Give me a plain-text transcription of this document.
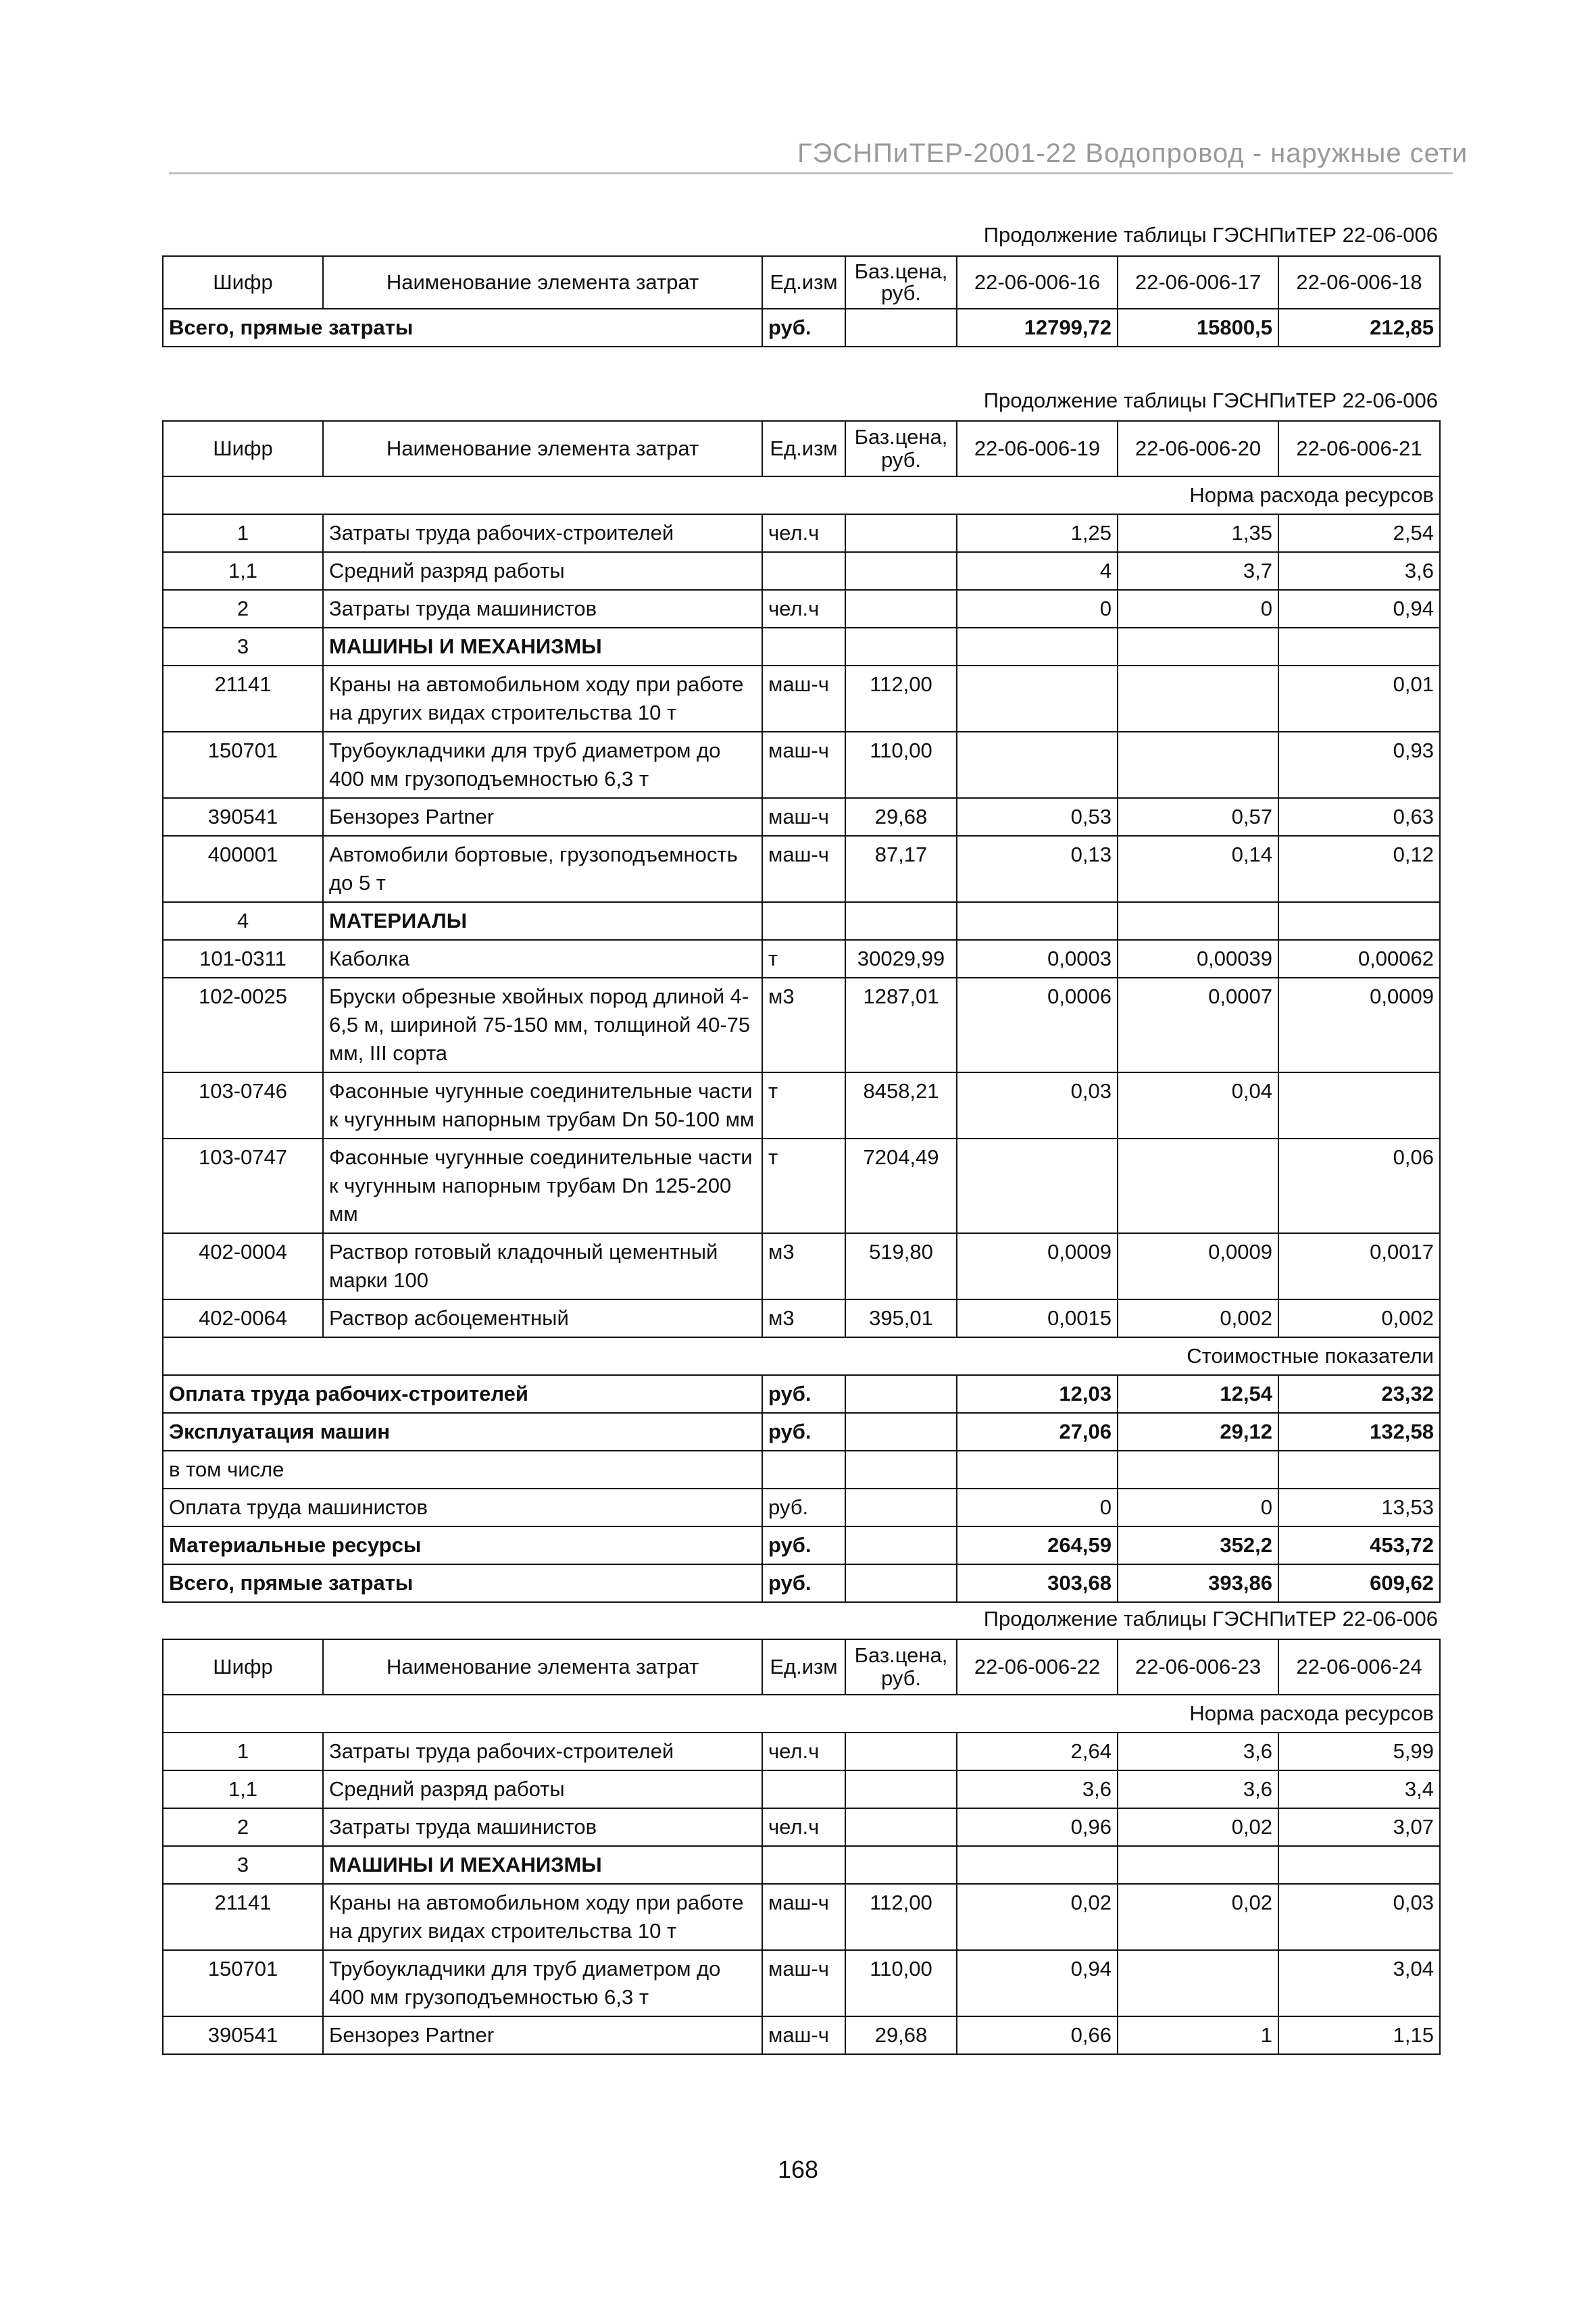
ГЭСНПиТЕР-2001-22 Водопровод - наружные сети
Продолжение таблицы ГЭСНПиТЕР 22-06-006
Шифр	Наименование элемента затрат	Ед.изм	Баз.цена, руб.	22-06-006-16	22-06-006-17	22-06-006-18
Всего, прямые затраты		руб.		12799,72	15800,5	212,85
Продолжение таблицы ГЭСНПиТЕР 22-06-006
Шифр	Наименование элемента затрат	Ед.изм	Баз.цена, руб.	22-06-006-19	22-06-006-20	22-06-006-21
Норма расхода ресурсов						
1	Затраты труда рабочих-строителей	чел.ч		1,25	1,35	2,54
1,1	Средний разряд работы			4	3,7	3,6
2	Затраты труда машинистов	чел.ч		0	0	0,94
3	МАШИНЫ И МЕХАНИЗМЫ					
21141	Краны на автомобильном ходу при работе на других видах строительства 10 т	маш-ч	112,00			0,01
150701	Трубоукладчики для труб диаметром до 400 мм грузоподъемностью 6,3 т	маш-ч	110,00			0,93
390541	Бензорез Partner	маш-ч	29,68	0,53	0,57	0,63
400001	Автомобили бортовые, грузоподъемность до 5 т	маш-ч	87,17	0,13	0,14	0,12
4	МАТЕРИАЛЫ					
101-0311	Каболка	т	30029,99	0,0003	0,00039	0,00062
102-0025	Бруски обрезные хвойных пород длиной 4-6,5 м, шириной 75-150 мм, толщиной 40-75 мм, III сорта	м3	1287,01	0,0006	0,0007	0,0009
103-0746	Фасонные чугунные соединительные части к чугунным напорным трубам Dn 50-100 мм	т	8458,21	0,03	0,04	
103-0747	Фасонные чугунные соединительные части к чугунным напорным трубам Dn 125-200 мм	т	7204,49			0,06
402-0004	Раствор готовый кладочный цементный марки 100	м3	519,80	0,0009	0,0009	0,0017
402-0064	Раствор асбоцементный	м3	395,01	0,0015	0,002	0,002
Стоимостные показатели						
Оплата труда рабочих-строителей		руб.		12,03	12,54	23,32
Эксплуатация машин		руб.		27,06	29,12	132,58
в том числе						
Оплата труда машинистов		руб.		0	0	13,53
Материальные ресурсы		руб.		264,59	352,2	453,72
Всего, прямые затраты		руб.		303,68	393,86	609,62
Продолжение таблицы ГЭСНПиТЕР 22-06-006
Шифр	Наименование элемента затрат	Ед.изм	Баз.цена, руб.	22-06-006-22	22-06-006-23	22-06-006-24
Норма расхода ресурсов						
1	Затраты труда рабочих-строителей	чел.ч		2,64	3,6	5,99
1,1	Средний разряд работы			3,6	3,6	3,4
2	Затраты труда машинистов	чел.ч		0,96	0,02	3,07
3	МАШИНЫ И МЕХАНИЗМЫ					
21141	Краны на автомобильном ходу при работе на других видах строительства 10 т	маш-ч	112,00	0,02	0,02	0,03
150701	Трубоукладчики для труб диаметром до 400 мм грузоподъемностью 6,3 т	маш-ч	110,00	0,94		3,04
390541	Бензорез Partner	маш-ч	29,68	0,66	1	1,15
168
